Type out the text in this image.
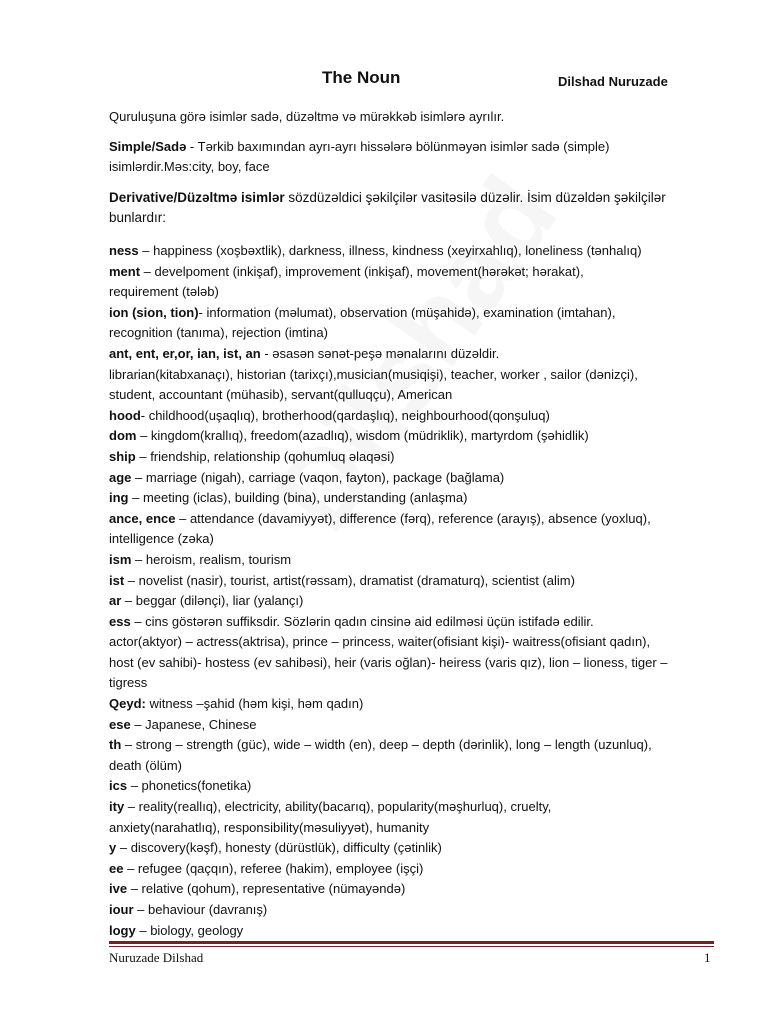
The Noun	Dilshad Nuruzade
Quruluşuna görə isimlər sadə, düzəltmə və mürəkkəb isimlərə ayrılır.
Simple/Sadə - Tərkib baxımından ayrı-ayrı hissələrə bölünməyən isimlər sadə (simple)
isimlərdir.Məs:city, boy, face
Derivative/Düzəltmə isimlər sözdüzəldici şəkilçilər vasitəsilə düzəlir. İsim düzəldən şəkilçilər
bunlardır:
ness – happiness (xoşbəxtlik), darkness, illness, kindness (xeyirxahlıq), loneliness (tənhalıq)
ment – develpoment (inkişaf), improvement (inkişaf), movement(hərəkət; hərakat),
requirement (tələb)
ion (sion, tion)- information (məlumat), observation (müşahidə), examination (imtahan),
recognition (tanıma), rejection (imtina)
ant, ent, er,or, ian, ist, an - əsasən sənət-peşə mənalarını düzəldir.
librarian(kitabxanaçı), historian (tarixçı),musician(musiqişi), teacher, worker , sailor (dənizçi),
student, accountant (mühasib), servant(qulluqçu), American
hood- childhood(uşaqlıq), brotherhood(qardaşlıq), neighbourhood(qonşuluq)
dom – kingdom(krallıq), freedom(azadlıq), wisdom (müdriklik), martyrdom (şəhidlik)
ship – friendship, relationship (qohumluq əlaqəsi)
age – marriage (nigah), carriage (vaqon, fayton), package (bağlama)
ing – meeting (iclas), building (bina), understanding (anlaşma)
ance, ence – attendance (davamiyyət), difference (fərq), reference (arayış), absence (yoxluq),
intelligence (zəka)
ism – heroism, realism, tourism
ist – novelist (nasir), tourist, artist(rəssam), dramatist (dramaturq), scientist (alim)
ar – beggar (dilənçi), liar (yalançı)
ess – cins göstərən suffiksdir. Sözlərin qadın cinsinə aid edilməsi üçün istifadə edilir.
actor(aktyor) – actress(aktrisa), prince – princess, waiter(ofisiant kişi)- waitress(ofisiant qadın),
host (ev sahibi)- hostess (ev sahibəsi), heir (varis oğlan)- heiress (varis qız), lion – lioness, tiger –
tigress
Qeyd: witness –şahid (həm kişi, həm qadın)
ese – Japanese, Chinese
th – strong – strength (güc), wide – width (en), deep – depth (dərinlik), long – length (uzunluq),
death (ölüm)
ics – phonetics(fonetika)
ity – reality(reallıq), electricity, ability(bacarıq), popularity(məşhurluq), cruelty,
anxiety(narahatlıq), responsibility(məsuliyyət), humanity
y – discovery(kəşf), honesty (dürüstlük), difficulty (çətinlik)
ee – refugee (qaçqın), referee (hakim), employee (işçi)
ive – relative (qohum), representative (nümayəndə)
iour – behaviour (davranış)
logy – biology, geology
Nuruzade Dilshad	1
